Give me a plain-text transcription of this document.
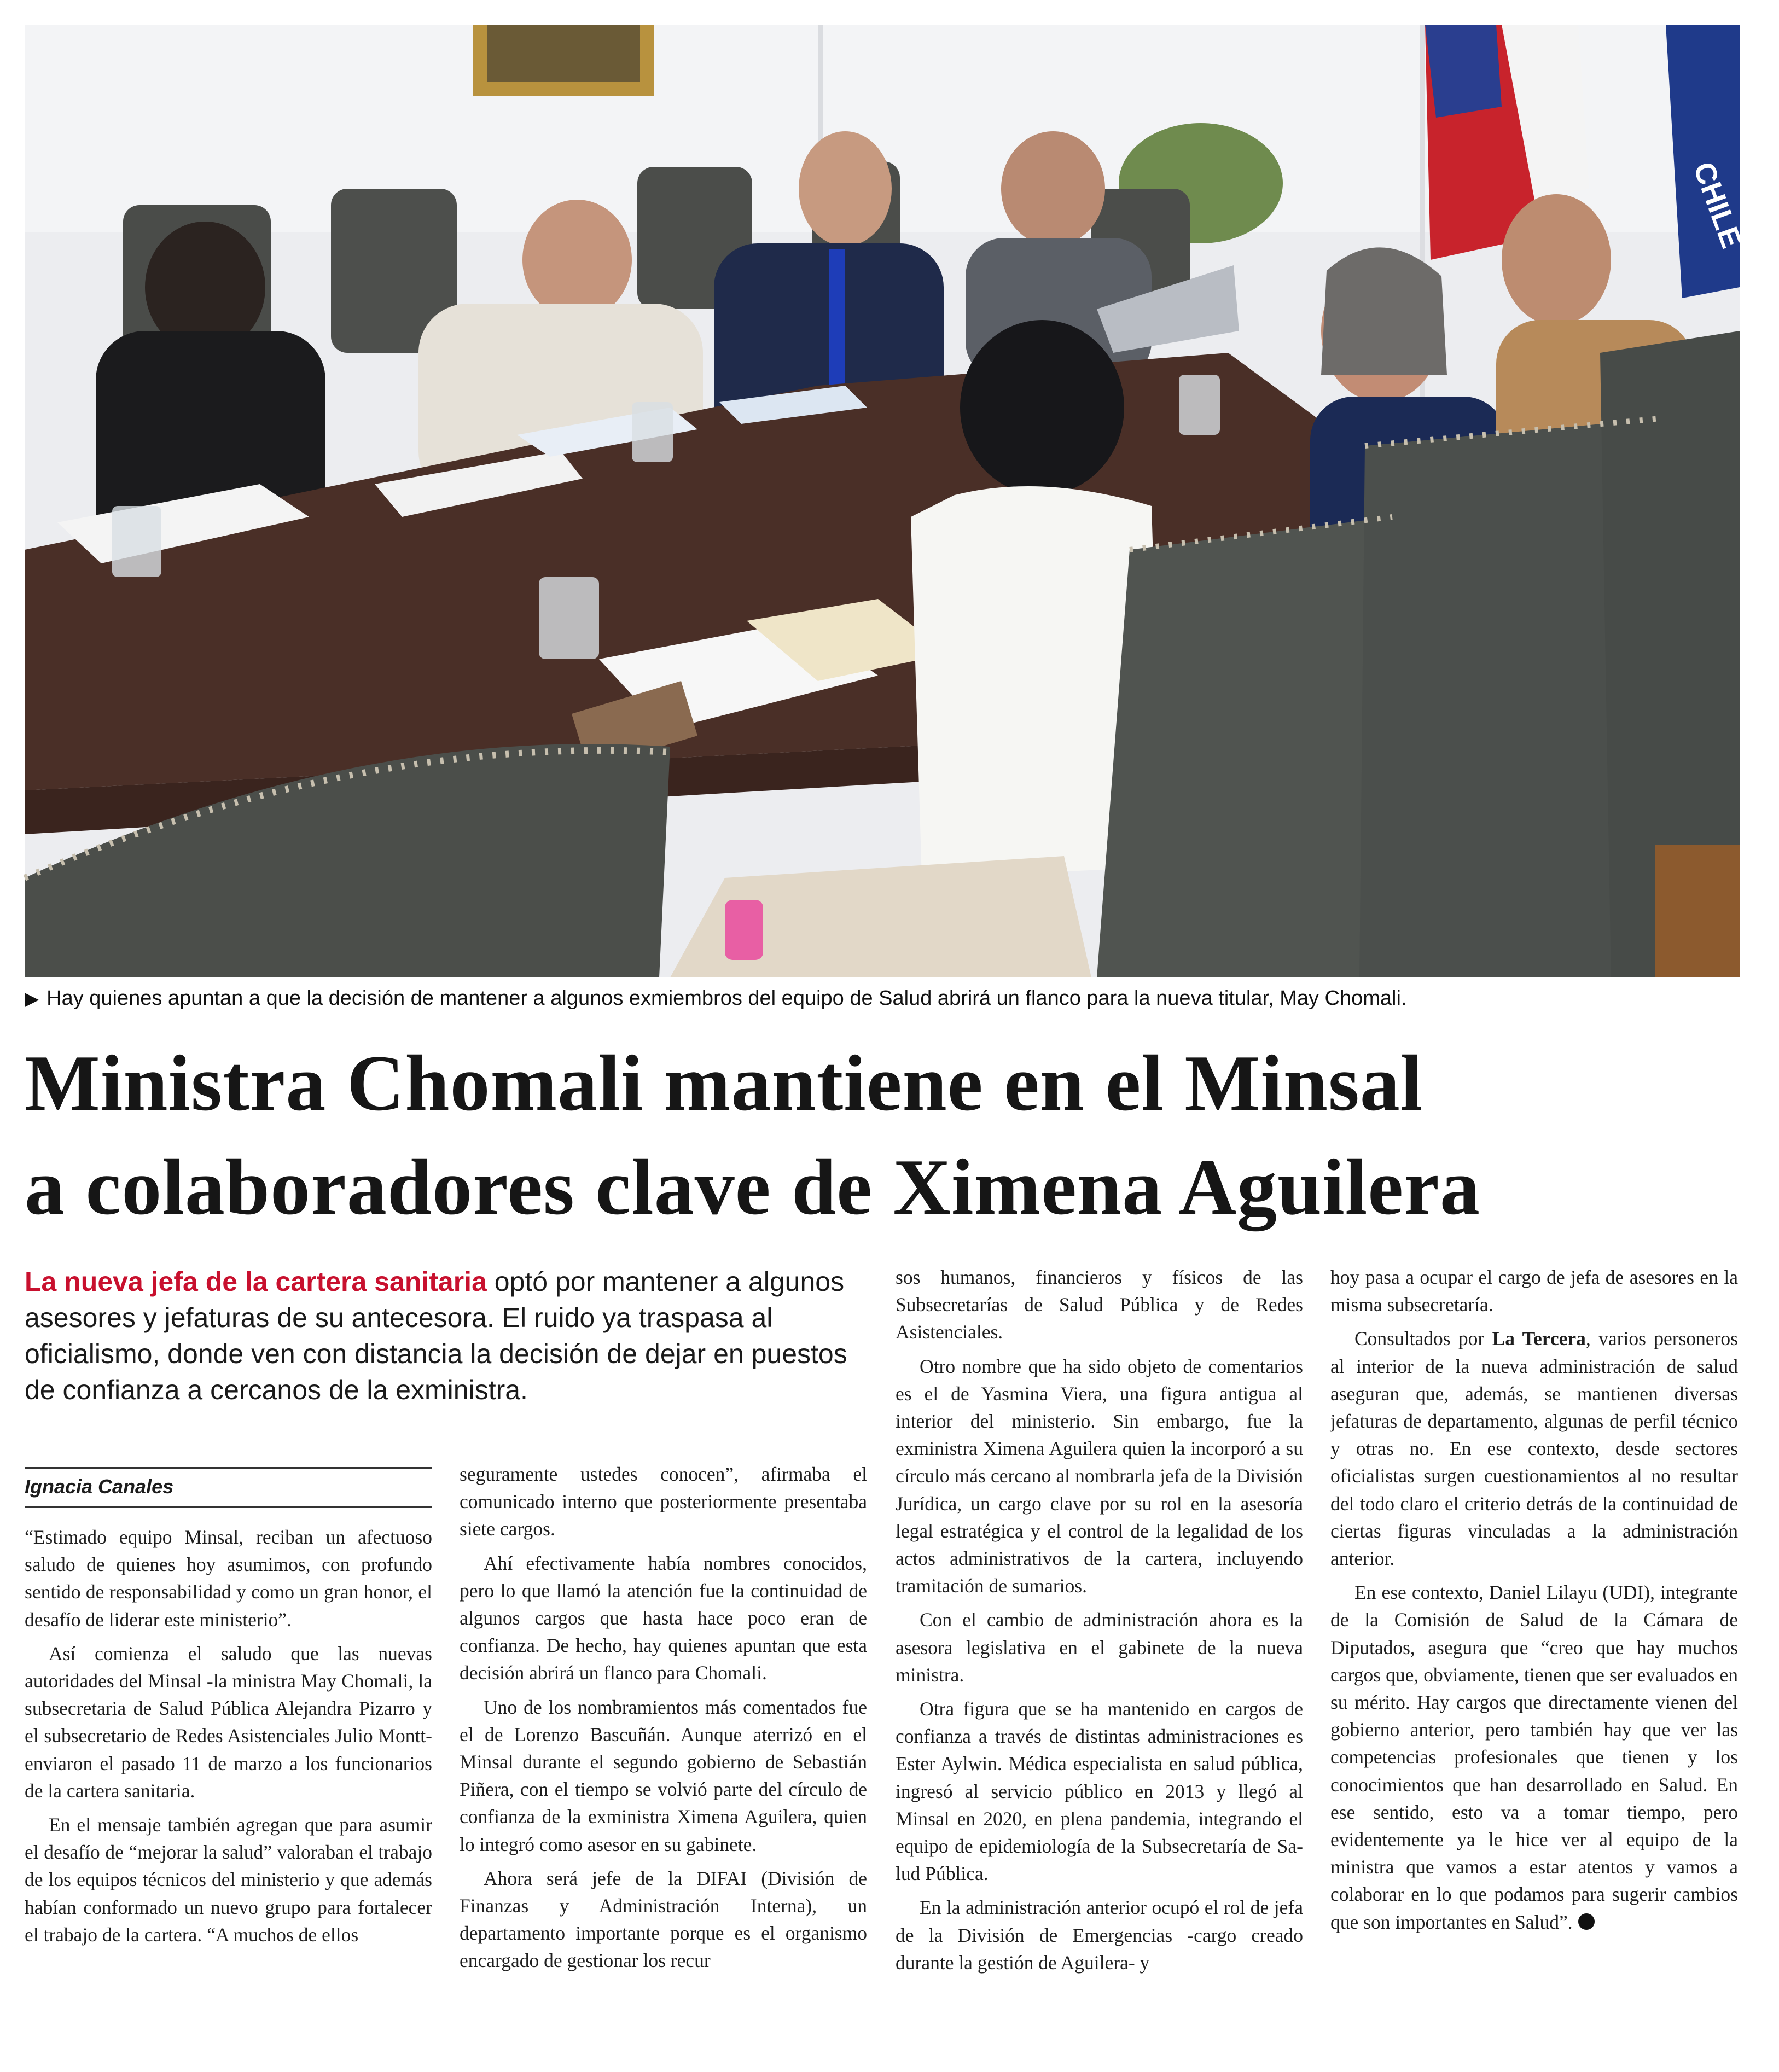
CHILE
▶ Hay quienes apuntan a que la decisión de mantener a algunos exmiembros del equipo de Salud abrirá un flanco para la nueva titular, May Chomali.
Ministra Chomali mantiene en el Minsal
a colaboradores clave de Ximena Aguilera
La nueva jefa de la cartera sanitaria optó por mantener a algunos asesores y jefaturas de su antecesora. El ruido ya traspasa al oficialismo, donde ven con distancia la decisión de dejar en puestos de confianza a cercanos de la exministra.
Ignacia Canales

“Estimado equipo Minsal, reciban un afectuoso saludo de quienes hoy asumimos, con profundo sentido de responsabilidad y como un gran honor, el desafío de liderar este ministerio”.

Así comienza el saludo que las nuevas autoridades del Minsal -la ministra May Chomali, la subsecretaria de Salud Pública Alejandra Pizarro y el subsecretario de Redes Asistenciales Julio Montt- enviaron el pasado 11 de marzo a los funcionarios de la cartera sanitaria.

En el mensaje también agregan que para asumir el desafío de “mejorar la salud” valoraban el trabajo de los equipos técnicos del ministerio y que además habían conformado un nuevo grupo para fortalecer el trabajo de la cartera. “A muchos de ellos

seguramente ustedes conocen”, afirmaba el comunicado interno que posteriormente presentaba siete cargos.

Ahí efectivamente había nombres conocidos, pero lo que llamó la atención fue la continuidad de algunos cargos que hasta hace poco eran de confianza. De hecho, hay quienes apuntan que esta decisión abrirá un flanco para Chomali.

Uno de los nombramientos más comentados fue el de Lorenzo Bascuñán. Aunque aterrizó en el Minsal durante el segundo gobierno de Sebastián Piñera, con el tiempo se volvió parte del círculo de confianza de la exministra Ximena Aguilera, quien lo integró como asesor en su gabinete.

Ahora será jefe de la DIFAI (División de Finanzas y Administración Interna), un departamento importante porque es el organismo encargado de gestionar los recur

sos humanos, financieros y físicos de las Subsecretarías de Salud Pública y de Redes Asistenciales.

Otro nombre que ha sido objeto de comentarios es el de Yasmina Viera, una figura antigua al interior del ministerio. Sin embargo, fue la exministra Ximena Aguilera quien la incorporó a su círculo más cercano al nombrarla jefa de la División Jurídica, un cargo clave por su rol en la asesoría legal estratégica y el control de la legalidad de los actos administrativos de la cartera, incluyendo tramitación de sumarios.

Con el cambio de administración ahora es la asesora legislativa en el gabinete de la nueva ministra.

Otra figura que se ha mantenido en cargos de confianza a través de distintas administraciones es Ester Aylwin. Médica especialista en salud pública, ingresó al servicio público en 2013 y llegó al Minsal en 2020, en plena pandemia, integrando el equipo de epidemiología de la Subsecretaría de Salud Pública.

En la administración anterior ocupó el rol de jefa de la División de Emergencias -cargo creado durante la gestión de Aguilera- y

hoy pasa a ocupar el cargo de jefa de asesores en la misma subsecretaría.

Consultados por La Tercera, varios personeros al interior de la nueva administración de salud aseguran que, además, se mantienen diversas jefaturas de departamento, algunas de perfil técnico y otras no. En ese contexto, desde sectores oficialistas surgen cuestionamientos al no resultar del todo claro el criterio detrás de la continuidad de ciertas figuras vinculadas a la administración anterior.

En ese contexto, Daniel Lilayu (UDI), integrante de la Comisión de Salud de la Cámara de Diputados, asegura que “creo que hay muchos cargos que, obviamente, tienen que ser evaluados en su mérito. Hay cargos que directamente vienen del gobierno anterior, pero también hay que ver las competencias profesionales que tienen y los conocimientos que han desarrollado en Salud. En ese sentido, esto va a tomar tiempo, pero evidentemente ya le hice ver al equipo de la ministra que vamos a estar atentos y vamos a colaborar en lo que podamos para sugerir cambios que son importantes en Salud”.
